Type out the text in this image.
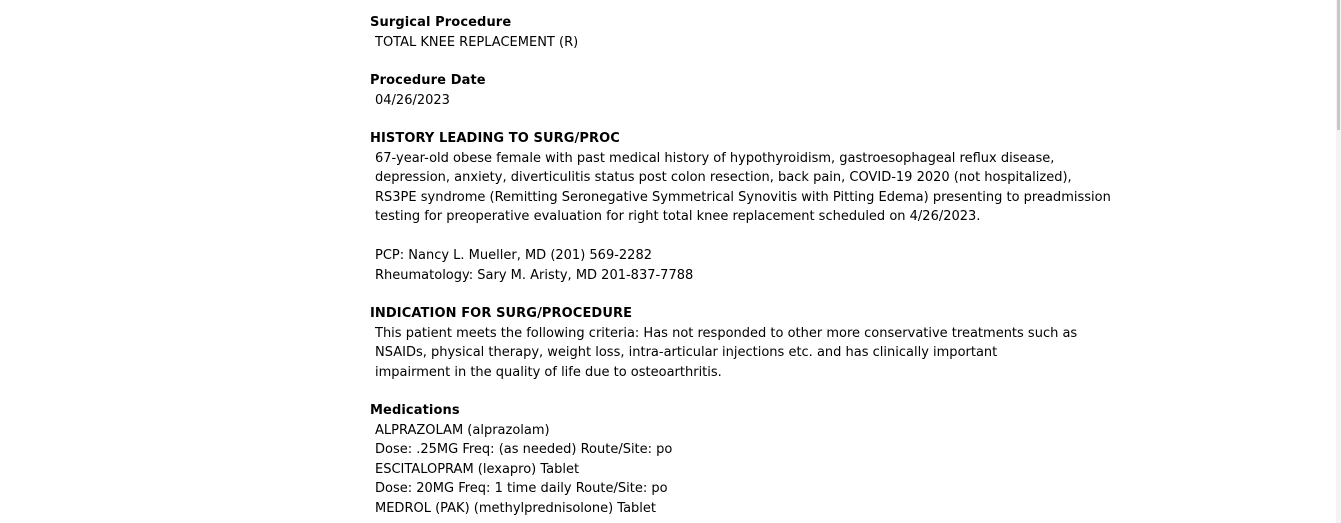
Surgical Procedure
TOTAL KNEE REPLACEMENT (R)
Procedure Date
04/26/2023
HISTORY LEADING TO SURG/PROC
67-year-old obese female with past medical history of hypothyroidism, gastroesophageal reflux disease,
depression, anxiety, diverticulitis status post colon resection, back pain, COVID-19 2020 (not hospitalized),
RS3PE syndrome (Remitting Seronegative Symmetrical Synovitis with Pitting Edema) presenting to preadmission
testing for preoperative evaluation for right total knee replacement scheduled on 4/26/2023.
PCP: Nancy L. Mueller, MD (201) 569-2282
Rheumatology: Sary M. Aristy, MD 201-837-7788
INDICATION FOR SURG/PROCEDURE
This patient meets the following criteria: Has not responded to other more conservative treatments such as
NSAIDs, physical therapy, weight loss, intra-articular injections etc. and has clinically important
impairment in the quality of life due to osteoarthritis.
Medications
ALPRAZOLAM (alprazolam)
Dose: .25MG Freq: (as needed) Route/Site: po
ESCITALOPRAM (lexapro) Tablet
Dose: 20MG Freq: 1 time daily Route/Site: po
MEDROL (PAK) (methylprednisolone) Tablet
